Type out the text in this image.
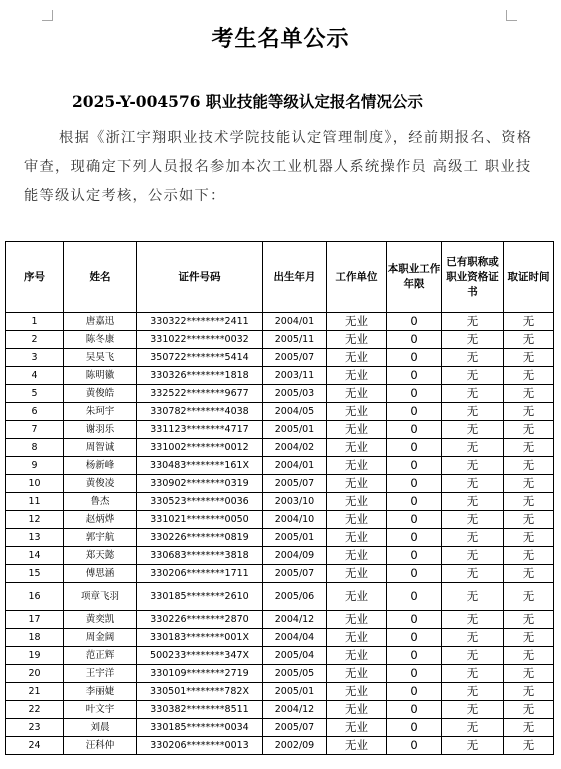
考生名单公示
2025-Y-004576 职业技能等级认定报名情况公示
根据《浙江宇翔职业技术学院技能认定管理制度》，经前期报名、资格审查，现确定下列人员报名参加本次工业机器人系统操作员 高级工 职业技能等级认定考核，公示如下：
序号	姓名	证件号码	出生年月	工作单位	本职业工作年限	已有职称或职业资格证书	取证时间
1	唐嘉迅	330322********2411	2004/01	无业	0	无	无
2	陈冬康	331022********0032	2005/11	无业	0	无	无
3	吴昊飞	350722********5414	2005/07	无业	0	无	无
4	陈明徽	330326********1818	2003/11	无业	0	无	无
5	黄俊皓	332522********9677	2005/03	无业	0	无	无
6	朱珂宇	330782********4038	2004/05	无业	0	无	无
7	谢羽乐	331123********4717	2005/01	无业	0	无	无
8	周智诚	331002********0012	2004/02	无业	0	无	无
9	杨新峰	330483********161X	2004/01	无业	0	无	无
10	黄俊凌	330902********0319	2005/07	无业	0	无	无
11	鲁杰	330523********0036	2003/10	无业	0	无	无
12	赵炳烨	331021********0050	2004/10	无业	0	无	无
13	郭宇航	330226********0819	2005/01	无业	0	无	无
14	郑天懿	330683********3818	2004/09	无业	0	无	无
15	傅思涵	330206********1711	2005/07	无业	0	无	无
16	项章飞羽	330185********2610	2005/06	无业	0	无	无
17	黄奕凯	330226********2870	2004/12	无业	0	无	无
18	周金阔	330183********001X	2004/04	无业	0	无	无
19	范正辉	500233********347X	2005/04	无业	0	无	无
20	王宇洋	330109********2719	2005/05	无业	0	无	无
21	李丽婕	330501********782X	2005/01	无业	0	无	无
22	叶文宇	330382********8511	2004/12	无业	0	无	无
23	刘晨	330185********0034	2005/07	无业	0	无	无
24	汪科仲	330206********0013	2002/09	无业	0	无	无
